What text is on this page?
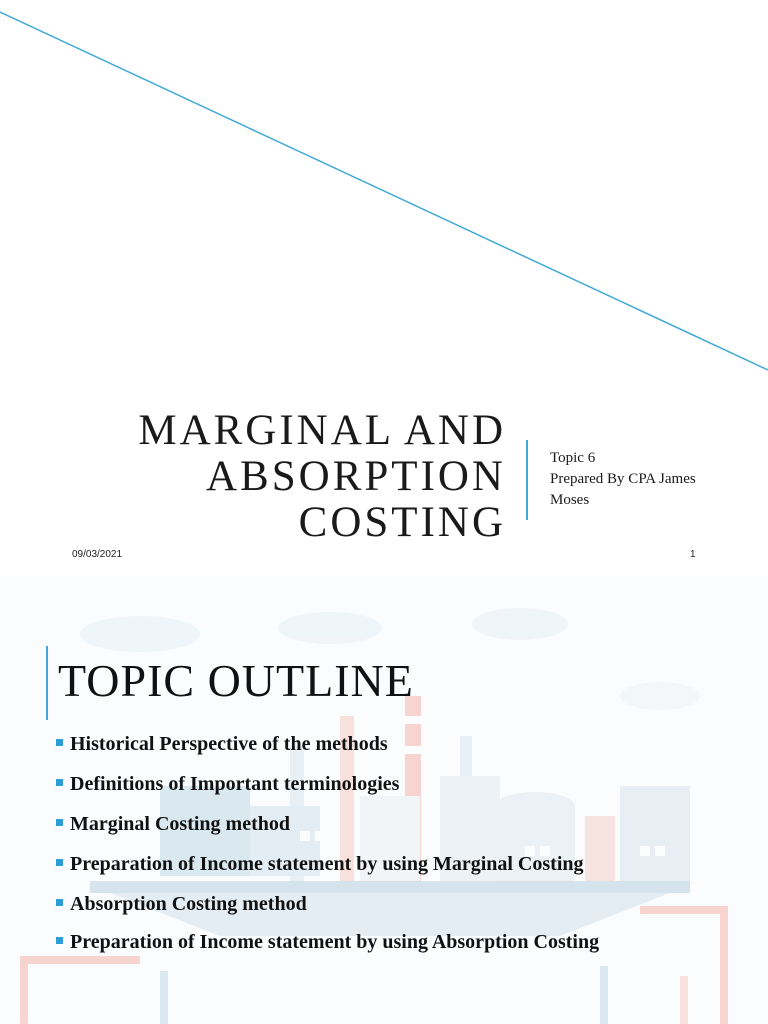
MARGINAL AND
ABSORPTION
COSTING
Topic 6
Prepared By CPA James
Moses
09/03/2021	1
TOPIC OUTLINE
Historical Perspective of the methods
Definitions of Important terminologies
Marginal Costing method
Preparation of Income statement by using Marginal Costing
Absorption Costing method
Preparation of Income statement by using Absorption Costing
